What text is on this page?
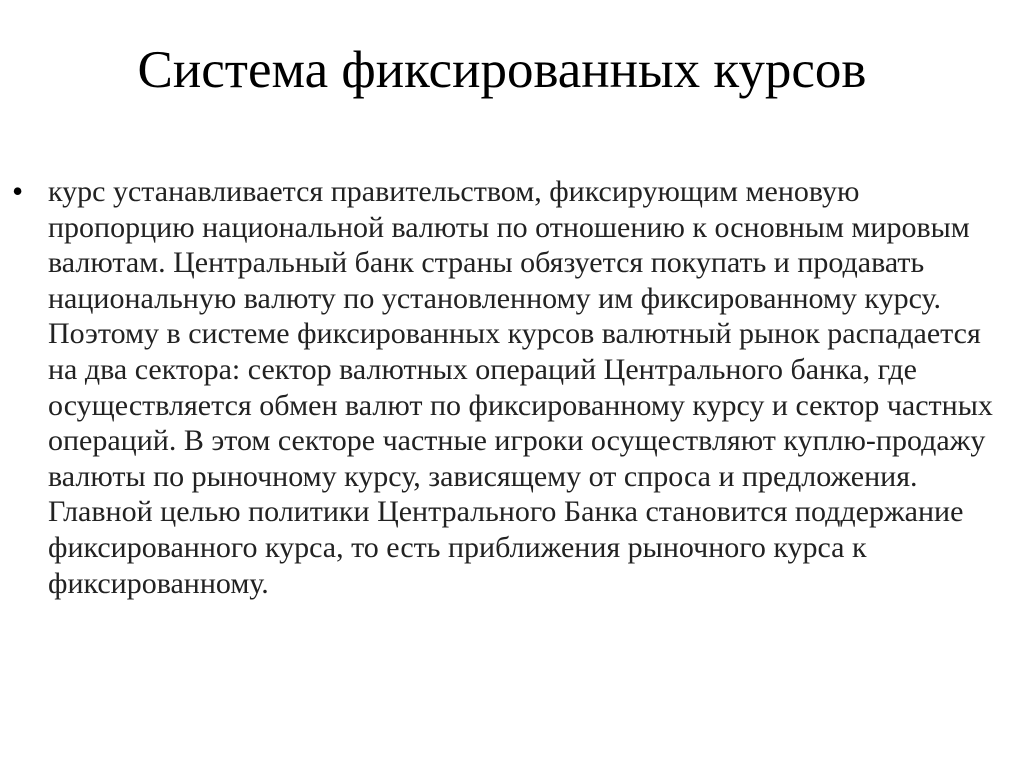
Система фиксированных курсов
• курс устанавливается правительством, фиксирующим меновую пропорцию национальной валюты по отношению к основным мировым валютам. Центральный банк страны обязуется покупать и продавать национальную валюту по установленному им фиксированному курсу. Поэтому в системе фиксированных курсов валютный рынок распадается на два сектора: сектор валютных операций Центрального банка, где осуществляется обмен валют по фиксированному курсу и сектор частных операций. В этом секторе частные игроки осуществляют куплю-продажу валюты по рыночному курсу, зависящему от спроса и предложения. Главной целью политики Центрального Банка становится поддержание фиксированного курса, то есть приближения рыночного курса к фиксированному.
